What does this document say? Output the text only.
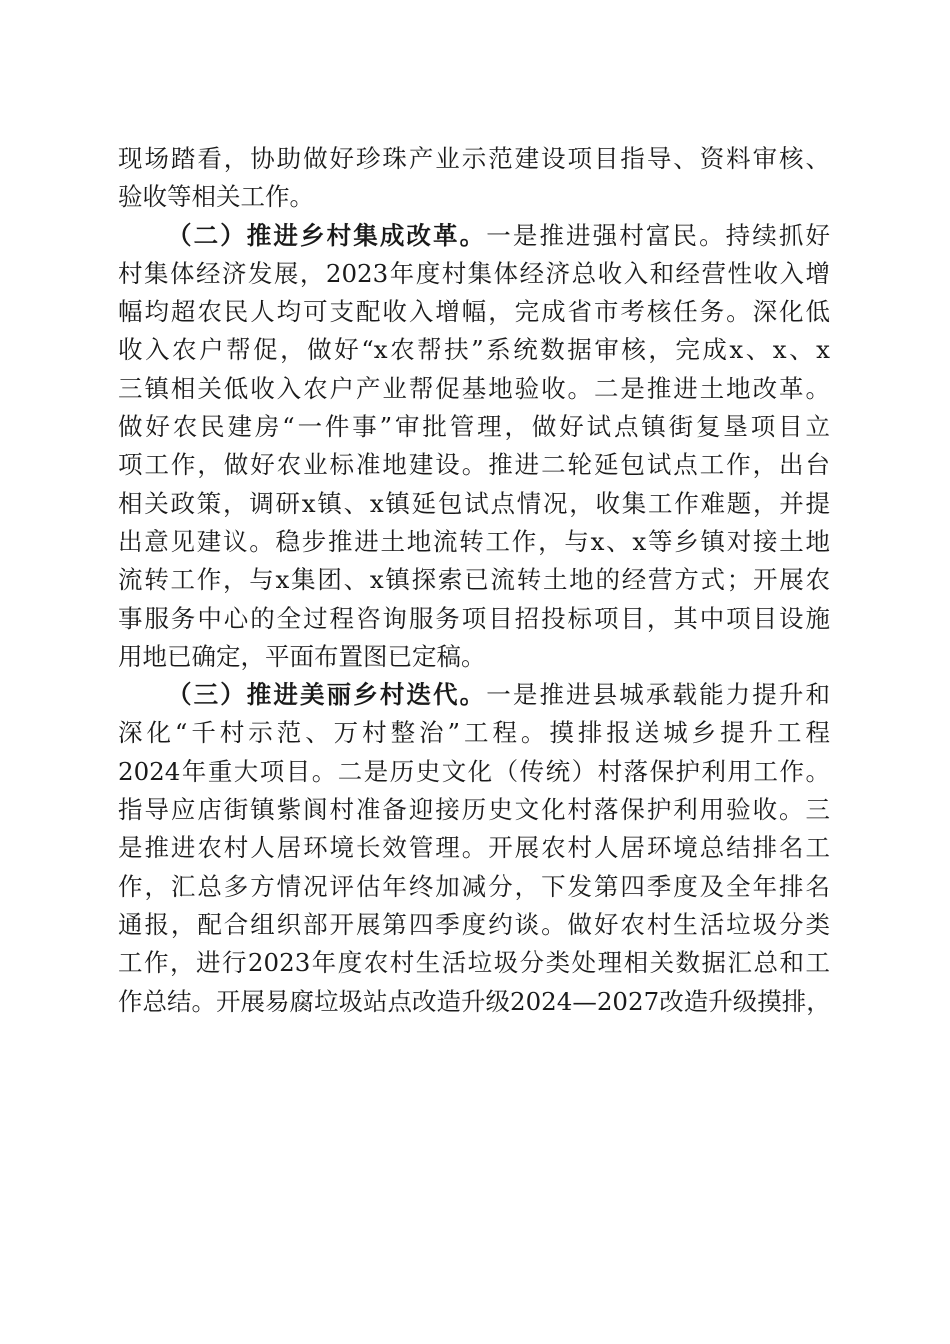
现场踏看，协助做好珍珠产业示范建设项目指导、资料审核、
验收等相关工作。
（二）推进乡村集成改革。一是推进强村富民。持续抓好
村集体经济发展，2023年度村集体经济总收入和经营性收入增
幅均超农民人均可支配收入增幅，完成省市考核任务。深化低
收入农户帮促，做好“x农帮扶”系统数据审核，完成x、x、x
三镇相关低收入农户产业帮促基地验收。二是推进土地改革。
做好农民建房“一件事”审批管理，做好试点镇街复垦项目立
项工作，做好农业标准地建设。推进二轮延包试点工作，出台
相关政策，调研x镇、x镇延包试点情况，收集工作难题，并提
出意见建议。稳步推进土地流转工作，与x、x等乡镇对接土地
流转工作，与x集团、x镇探索已流转土地的经营方式；开展农
事服务中心的全过程咨询服务项目招投标项目，其中项目设施
用地已确定，平面布置图已定稿。
（三）推进美丽乡村迭代。一是推进县城承载能力提升和
深化“千村示范、万村整治”工程。摸排报送城乡提升工程
2024年重大项目。二是历史文化（传统）村落保护利用工作。
指导应店街镇紫阆村准备迎接历史文化村落保护利用验收。三
是推进农村人居环境长效管理。开展农村人居环境总结排名工
作，汇总多方情况评估年终加减分，下发第四季度及全年排名
通报，配合组织部开展第四季度约谈。做好农村生活垃圾分类
工作，进行2023年度农村生活垃圾分类处理相关数据汇总和工
作总结。开展易腐垃圾站点改造升级2024—2027改造升级摸排，
